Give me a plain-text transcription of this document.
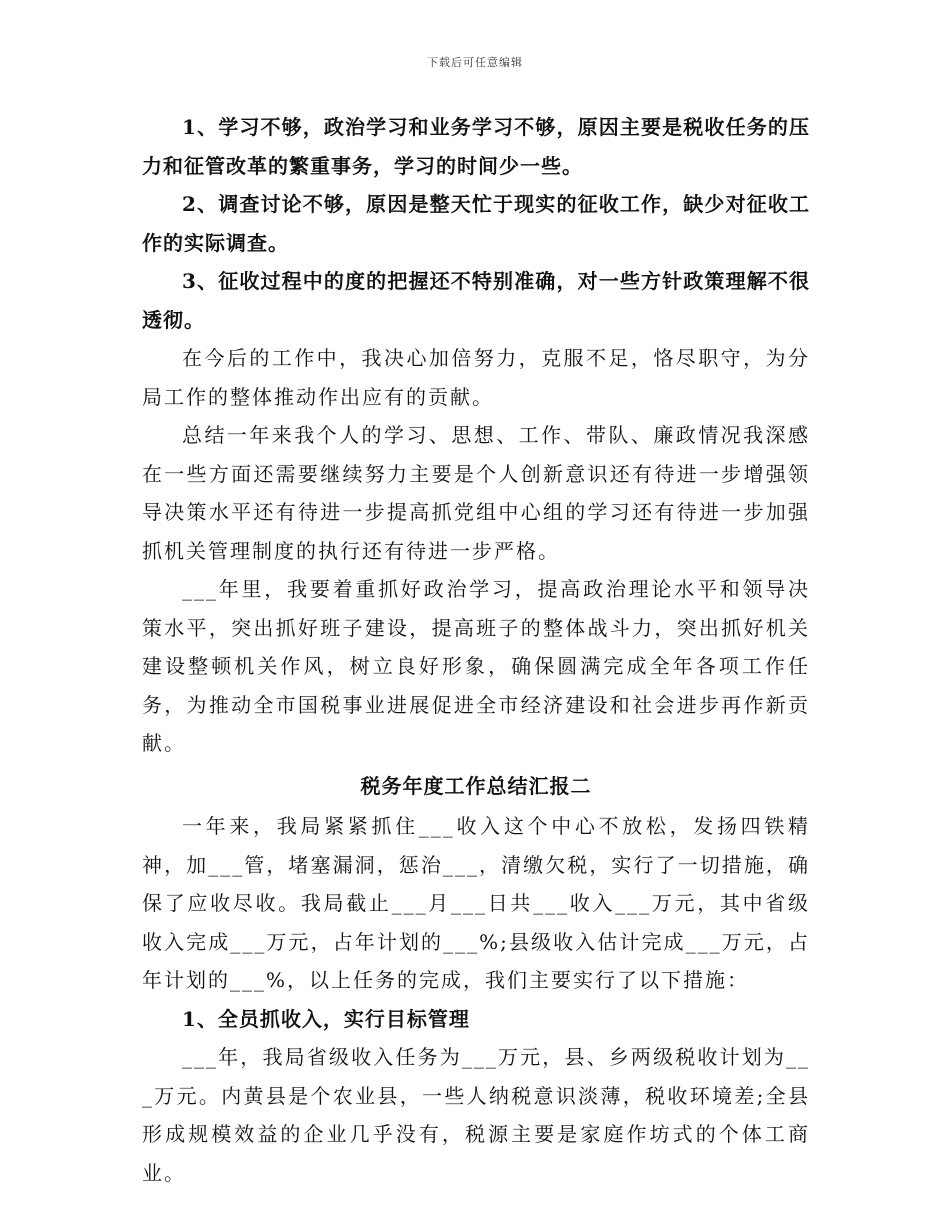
下载后可任意编辑

1、学习不够，政治学习和业务学习不够，原因主要是税收任务的压力和征管改革的繁重事务，学习的时间少一些。

2、调查讨论不够，原因是整天忙于现实的征收工作，缺少对征收工作的实际调查。

3、征收过程中的度的把握还不特别准确，对一些方针政策理解不很透彻。

在今后的工作中，我决心加倍努力，克服不足，恪尽职守，为分局工作的整体推动作出应有的贡献。

总结一年来我个人的学习、思想、工作、带队、廉政情况我深感在一些方面还需要继续努力主要是个人创新意识还有待进一步增强领导决策水平还有待进一步提高抓党组中心组的学习还有待进一步加强抓机关管理制度的执行还有待进一步严格。

___年里，我要着重抓好政治学习，提高政治理论水平和领导决策水平，突出抓好班子建设，提高班子的整体战斗力，突出抓好机关建设整顿机关作风，树立良好形象，确保圆满完成全年各项工作任务，为推动全市国税事业进展促进全市经济建设和社会进步再作新贡献。

税务年度工作总结汇报二

一年来，我局紧紧抓住___收入这个中心不放松，发扬四铁精神，加___管，堵塞漏洞，惩治___，清缴欠税，实行了一切措施，确保了应收尽收。我局截止___月___日共___收入___万元，其中省级收入完成___万元，占年计划的___%;县级收入估计完成___万元，占年计划的___%，以上任务的完成，我们主要实行了以下措施：

1、全员抓收入，实行目标管理

___年，我局省级收入任务为___万元，县、乡两级税收计划为___万元。内黄县是个农业县，一些人纳税意识淡薄，税收环境差;全县形成规模效益的企业几乎没有，税源主要是家庭作坊式的个体工商业。
